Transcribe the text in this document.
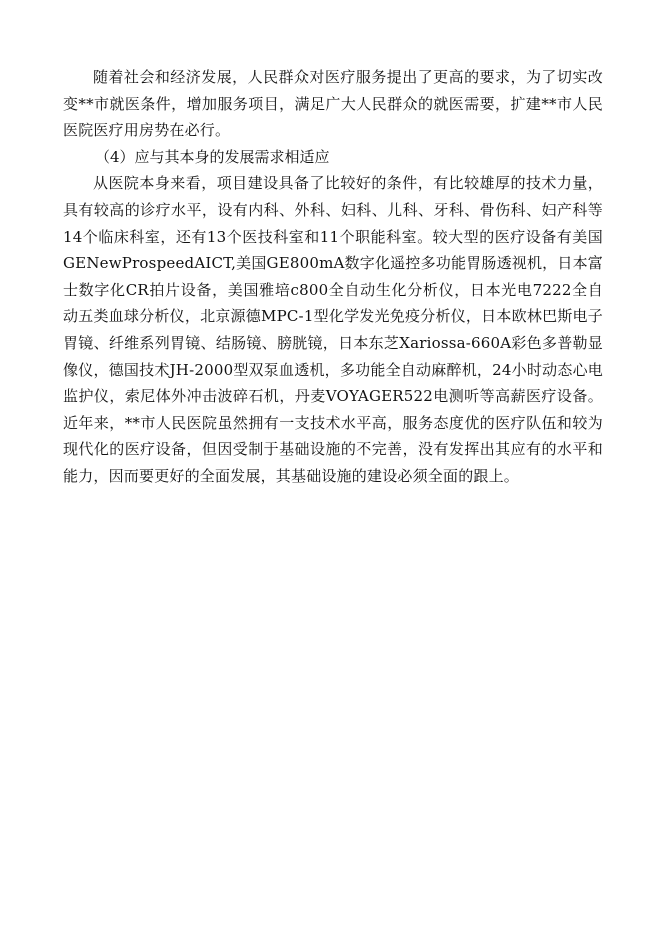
随着社会和经济发展，人民群众对医疗服务提出了更高的要求，为了切实改变**市就医条件，增加服务项目，满足广大人民群众的就医需要，扩建**市人民医院医疗用房势在必行。

（4）应与其本身的发展需求相适应

从医院本身来看，项目建设具备了比较好的条件，有比较雄厚的技术力量，具有较高的诊疗水平，设有内科、外科、妇科、儿科、牙科、骨伤科、妇产科等14个临床科室，还有13个医技科室和11个职能科室。较大型的医疗设备有美国GENewProspeedAICT,美国GE800mA数字化遥控多功能胃肠透视机，日本富士数字化CR拍片设备，美国雅培c800全自动生化分析仪，日本光电7222全自动五类血球分析仪，北京源德MPC-1型化学发光免疫分析仪，日本欧林巴斯电子胃镜、纤维系列胃镜、结肠镜、膀胱镜，日本东芝Xariossa-660A彩色多普勒显像仪，德国技术JH-2000型双泵血透机，多功能全自动麻醉机，24小时动态心电监护仪，索尼体外冲击波碎石机，丹麦VOYAGER522电测听等高薪医疗设备。近年来，**市人民医院虽然拥有一支技术水平高，服务态度优的医疗队伍和较为现代化的医疗设备，但因受制于基础设施的不完善，没有发挥出其应有的水平和能力，因而要更好的全面发展，其基础设施的建设必须全面的跟上。
